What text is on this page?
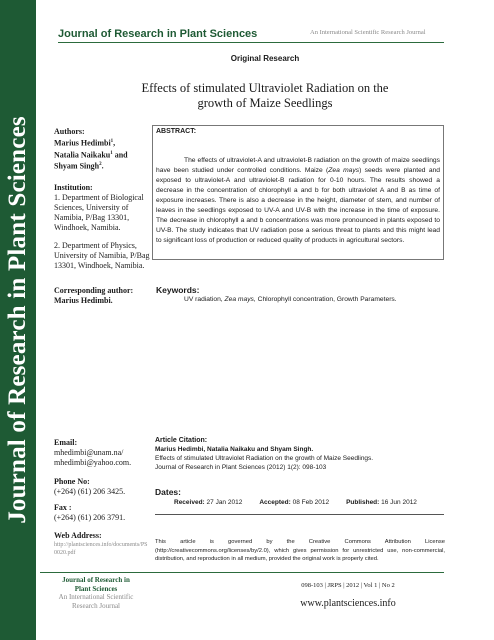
Journal of Research in Plant Sciences
Journal of Research in Plant Sciences	An International Scientific Research Journal
Original Research
Effects of stimulated Ultraviolet Radiation on the
growth of Maize Seedlings
Authors:
Marius Hedimbi$^1$,
Natalia Naikaku$^1$ and
Shyam Singh$^2$.
Institution:
1. Department of Biological Sciences, University of Namibia, P/Bag 13301, Windhoek, Namibia.
2. Department of Physics, University of Namibia, P/Bag 13301, Windhoek, Namibia.
Corresponding author:
Marius Hedimbi.
Email:
mhedimbi@unam.na/
mhedimbi@yahoo.com.
Phone No:
(+264) (61) 206 3425.
Fax :
(+264) (61) 206 3791.
Web Address:
http://plantsciences.info/documents/PS0020.pdf
ABSTRACT:
The effects of ultraviolet-A and ultraviolet-B radiation on the growth of maize seedlings have been studied under controlled conditions. Maize (Zea mays) seeds were planted and exposed to ultraviolet-A and ultraviolet-B radiation for 0-10 hours. The results showed a decrease in the concentration of chlorophyll a and b for both ultraviolet A and B as time of exposure increases. There is also a decrease in the height, diameter of stem, and number of leaves in the seedlings exposed to UV-A and UV-B with the increase in the time of exposure. The decrease in chlorophyll a and b concentrations was more pronounced in plants exposed to UV-B. The study indicates that UV radiation pose a serious threat to plants and this might lead to significant loss of production or reduced quality of products in agricultural sectors.
Keywords:
UV radiation, Zea mays, Chlorophyll concentration, Growth Parameters.
Article Citation:
Marius Hedimbi, Natalia Naikaku and Shyam Singh.
Effects of stimulated Ultraviolet Radiation on the growth of Maize Seedlings.
Journal of Research in Plant Sciences (2012) 1(2): 098-103
Dates:
Received: 27 Jan 2012	Accepted: 08 Feb 2012	Published: 16 Jun 2012
This article is governed by the Creative Commons Attribution License (http://creativecommons.org/licenses/by/2.0), which gives permission for unrestricted use, non-commercial, distribution, and reproduction in all medium, provided the original work is properly cited.
Journal of Research in
Plant Sciences
An International Scientific
Research Journal
098-103 | JRPS | 2012 | Vol 1 | No 2
www.plantsciences.info
